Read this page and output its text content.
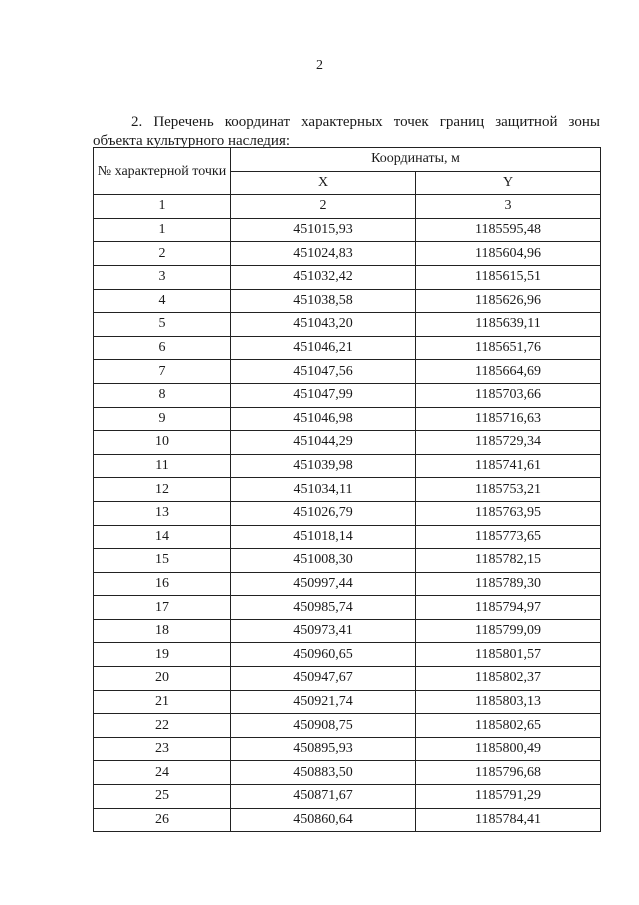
2

2. Перечень координат характерных точек границ защитной зоны объекта культурного наследия:

№ характерной точки	Координаты, м	
	X	Y
1	2	3
1	451015,93	1185595,48
2	451024,83	1185604,96
3	451032,42	1185615,51
4	451038,58	1185626,96
5	451043,20	1185639,11
6	451046,21	1185651,76
7	451047,56	1185664,69
8	451047,99	1185703,66
9	451046,98	1185716,63
10	451044,29	1185729,34
11	451039,98	1185741,61
12	451034,11	1185753,21
13	451026,79	1185763,95
14	451018,14	1185773,65
15	451008,30	1185782,15
16	450997,44	1185789,30
17	450985,74	1185794,97
18	450973,41	1185799,09
19	450960,65	1185801,57
20	450947,67	1185802,37
21	450921,74	1185803,13
22	450908,75	1185802,65
23	450895,93	1185800,49
24	450883,50	1185796,68
25	450871,67	1185791,29
26	450860,64	1185784,41
